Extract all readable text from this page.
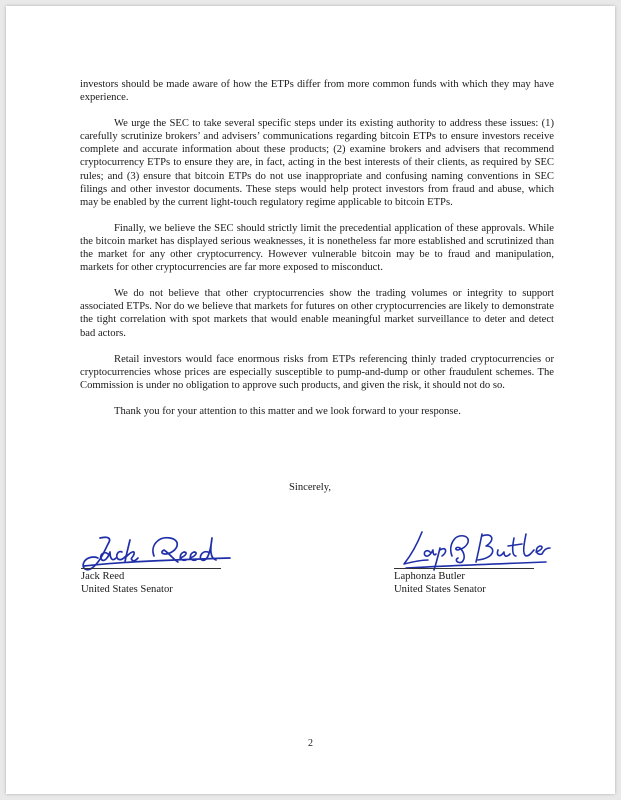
investors should be made aware of how the ETPs differ from more common funds with which they may have experience.

We urge the SEC to take several specific steps under its existing authority to address these issues: (1) carefully scrutinize brokers’ and advisers’ communications regarding bitcoin ETPs to ensure investors receive complete and accurate information about these products; (2) examine brokers and advisers that recommend cryptocurrency ETPs to ensure they are, in fact, acting in the best interests of their clients, as required by SEC rules; and (3) ensure that bitcoin ETPs do not use inappropriate and confusing naming conventions in SEC filings and other investor documents. These steps would help protect investors from fraud and abuse, which may be enabled by the current light-touch regulatory regime applicable to bitcoin ETPs.

Finally, we believe the SEC should strictly limit the precedential application of these approvals. While the bitcoin market has displayed serious weaknesses, it is nonetheless far more established and scrutinized than the market for any other cryptocurrency. However vulnerable bitcoin may be to fraud and manipulation, markets for other cryptocurrencies are far more exposed to misconduct.

We do not believe that other cryptocurrencies show the trading volumes or integrity to support associated ETPs. Nor do we believe that markets for futures on other cryptocurrencies are likely to demonstrate the tight correlation with spot markets that would enable meaningful market surveillance to deter and detect bad actors.

Retail investors would face enormous risks from ETPs referencing thinly traded cryptocurrencies or cryptocurrencies whose prices are especially susceptible to pump-and-dump or other fraudulent schemes. The Commission is under no obligation to approve such products, and given the risk, it should not do so.

Thank you for your attention to this matter and we look forward to your response.

Sincerely,
Jack Reed
United States Senator
Laphonza Butler
United States Senator
2
